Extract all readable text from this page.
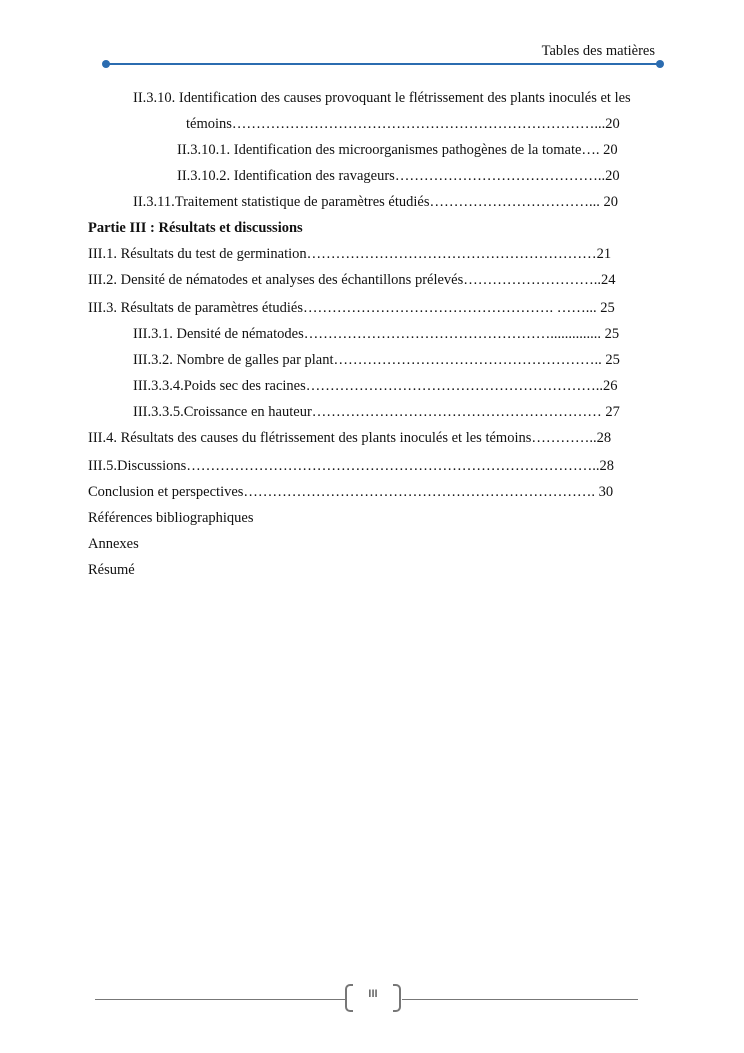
Tables des matières
II.3.10. Identification des causes provoquant le flétrissement des plants inoculés et les
témoins…………………………………………………………………...20
II.3.10.1. Identification des microorganismes pathogènes de la tomate…. 20
II.3.10.2. Identification des ravageurs……………………………………..20
II.3.11.Traitement statistique de paramètres étudiés……………………………... 20
Partie III : Résultats et discussions
III.1. Résultats du test de germination……………………………………………………21
III.2. Densité de nématodes et analyses des échantillons prélevés………………………..24
III.3. Résultats de paramètres étudiés……………………………………………. ……... 25
III.3.1. Densité de nématodes…………………………………………….............. 25
III.3.2. Nombre de galles par plant……………………………………………….. 25
III.3.3.4.Poids sec des racines……………………………………………………..26
III.3.3.5.Croissance en hauteur…………………………………………………… 27
III.4. Résultats des causes du flétrissement des plants inoculés et les témoins…………..28
III.5.Discussions…………………………………………………………………………..28
Conclusion et perspectives………………………………………………………………. 30
Références bibliographiques
Annexes
Résumé
III
